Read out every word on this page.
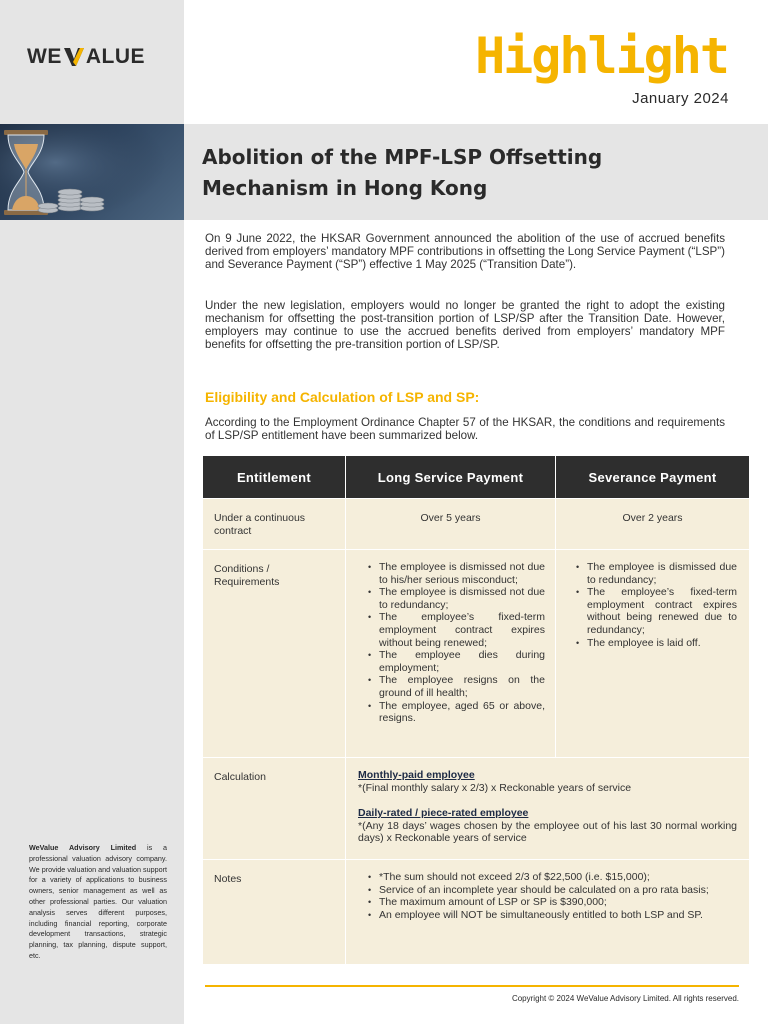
WE ALUE
Abolition of the MPF-LSP Offsetting Mechanism in Hong Kong
Highlight
January 2024

On 9 June 2022, the HKSAR Government announced the abolition of the use of accrued benefits derived from employers’ mandatory MPF contributions in offsetting the Long Service Payment (“LSP”) and Severance Payment (“SP”) effective 1 May 2025 (“Transition Date”).

Under the new legislation, employers would no longer be granted the right to adopt the existing mechanism for offsetting the post-transition portion of LSP/SP after the Transition Date. However, employers may continue to use the accrued benefits derived from employers’ mandatory MPF benefits for offsetting the pre-transition portion of LSP/SP.

Eligibility and Calculation of LSP and SP:

According to the Employment Ordinance Chapter 57 of the HKSAR, the conditions and requirements of LSP/SP entitlement have been summarized below.

Entitlement	Long Service Payment	Severance Payment
Under a continuous contract
Over 5 years	Over 2 years
Conditions / Requirements
• The employee is dismissed not due to his/her serious misconduct;
• The employee is dismissed not due to redundancy;
• The employee’s fixed-term employment contract expires without being renewed;
• The employee dies during employment;
• The employee resigns on the ground of ill health;
• The employee, aged 65 or above, resigns.
• The employee is dismissed due to redundancy;
• The employee’s fixed-term employment contract expires without being renewed due to redundancy;
• The employee is laid off.
Calculation	Monthly-paid employee

*(Final monthly salary x 2/3) x Reckonable years of service

Daily-rated / piece-rated employee

*(Any 18 days’ wages chosen by the employee out of his last 30 normal working days) x Reckonable years of service

Notes
•	*The sum should not exceed 2/3 of $22,500 (i.e. $15,000);
• Service of an incomplete year should be calculated on a pro rata basis;
• The maximum amount of LSP or SP is $390,000;
• An employee will NOT be simultaneously entitled to both LSP and SP.

WeValue Advisory Limited is a professional valuation advisory company. We provide valuation and valuation support for a variety of applications to business owners, senior management as well as other professional parties. Our valuation analysis serves different purposes, including financial reporting, corporate development transactions, strategic planning, tax planning, dispute support, etc.

Copyright © 2024 WeValue Advisory Limited. All rights reserved.
